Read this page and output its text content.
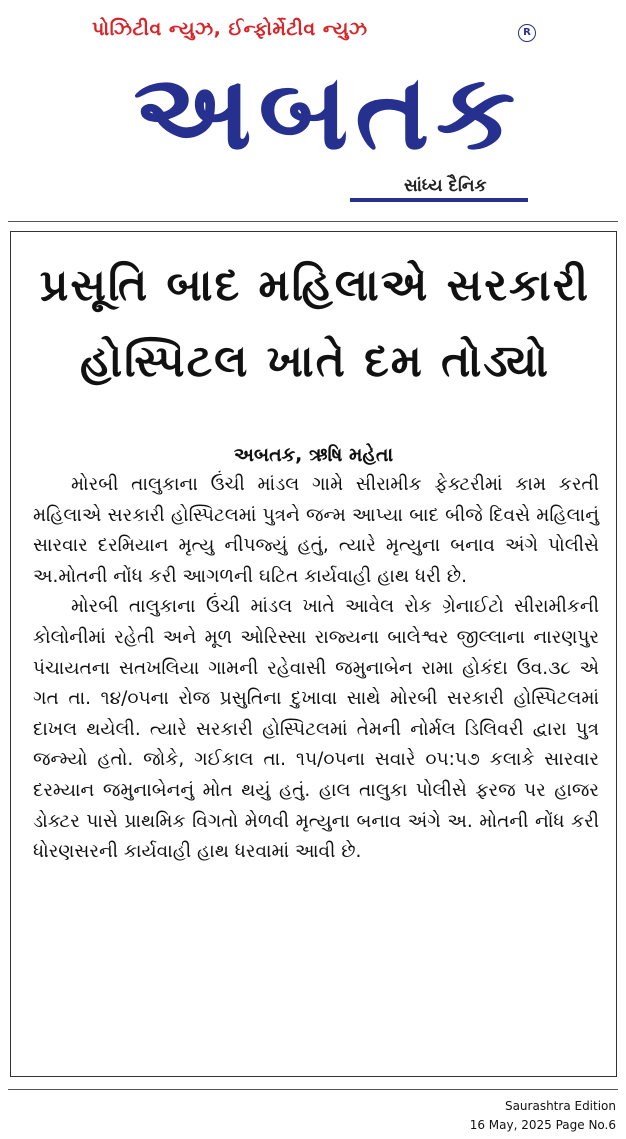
પોઝિટીવ ન્યુઝ, ઈન્ફોર્મેટીવ ન્યુઝ
અબતક
R
સાંધ્ય દૈનિક
પ્રસૂતિ બાદ મહિલાએ સરકારી હોસ્પિટલ ખાતે દમ તોડ્યો
અબતક, ઋષિ મહેતા

મોરબી તાલુકાના ઉંચી માંડલ ગામે સીરામીક ફેક્ટરીમાં કામ કરતી મહિલાએ સરકારી હોસ્પિટલમાં પુત્રને જન્મ આપ્યા બાદ બીજે દિવસે મહિલાનું સારવાર દરમિયાન મૃત્યુ નીપજ્યું હતું, ત્યારે મૃત્યુના બનાવ અંગે પોલીસે અ.મોતની નોંધ કરી આગળની ઘટિત કાર્યવાહી હાથ ધરી છે.

મોરબી તાલુકાના ઉંચી માંડલ ખાતે આવેલ રોક ગ્રેનાઈટો સીરામીકની કોલોનીમાં રહેતી અને મૂળ ઓરિસ્સા રાજ્યના બાલેશ્વર જીલ્લાના નારણપુર પંચાયતના સતખલિયા ગામની રહેવાસી જમુનાબેન રામા હોકંદા ઉવ.૩૮ એ ગત તા. ૧૪/૦૫ના રોજ પ્રસુતિના દુખાવા સાથે મોરબી સરકારી હોસ્પિટલમાં દાખલ થયેલી. ત્યારે સરકારી હોસ્પિટલમાં તેમની નોર્મલ ડિલિવરી દ્વારા પુત્ર જન્મ્યો હતો. જોકે, ગઈકાલ તા. ૧૫/૦૫ના સવારે ૦૫:૫૭ કલાકે સારવાર દરમ્યાન જમુનાબેનનું મોત થયું હતું. હાલ તાલુકા પોલીસે ફરજ પર હાજર ડોક્ટર પાસે પ્રાથમિક વિગતો મેળવી મૃત્યુના બનાવ અંગે અ. મોતની નોંધ કરી ધોરણસરની કાર્યવાહી હાથ ધરવામાં આવી છે.

Saurashtra Edition
16 May, 2025 Page No.6
